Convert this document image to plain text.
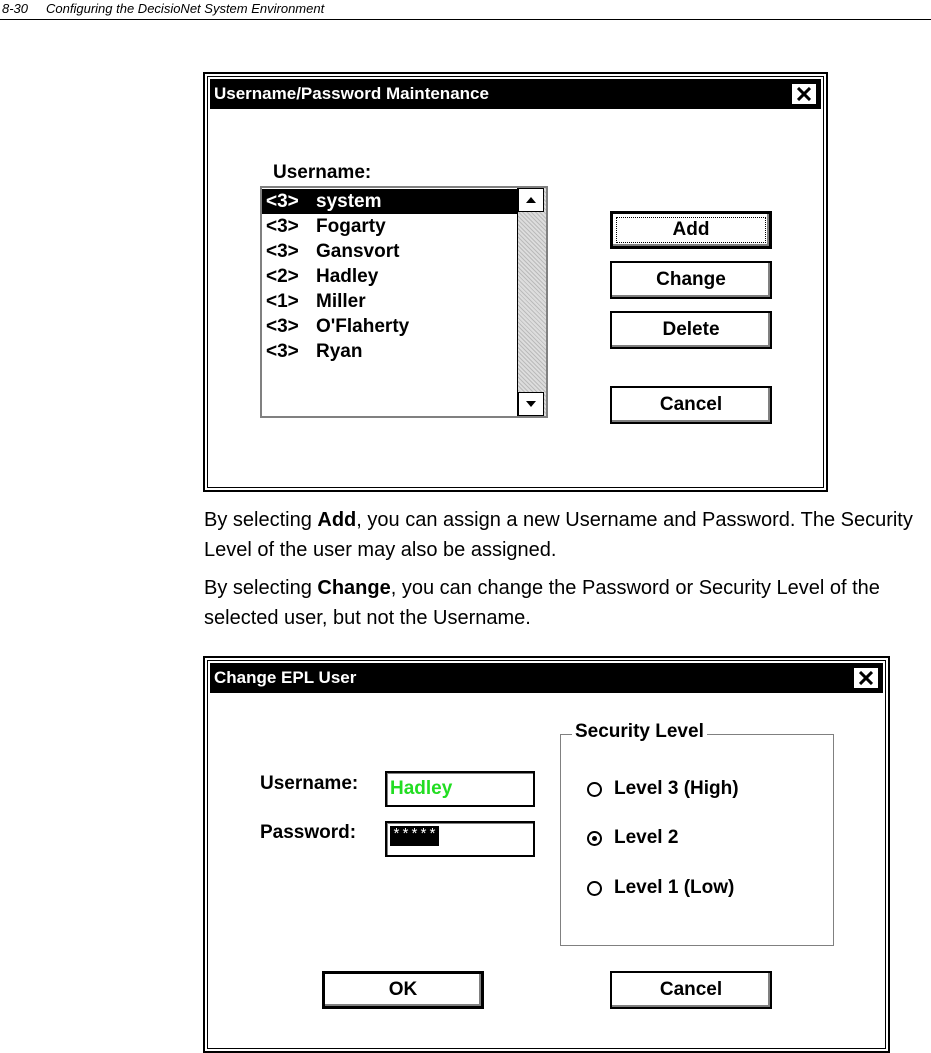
8-30 Configuring the DecisioNet System Environment
Username/Password Maintenance
Username:
<3> system
<3> Fogarty
<3> Gansvort
<2> Hadley
<1> Miller
<3> O'Flaherty
<3> Ryan
Add
Change
Delete
Cancel
By selecting Add, you can assign a new Username and Password. The Security Level of the user may also be assigned.
By selecting Change, you can change the Password or Security Level of the selected user, but not the Username.
Change EPL User
Username: Hadley
Password: *****
Security Level
Level 3 (High)
Level 2
Level 1 (Low)
OK	Cancel
